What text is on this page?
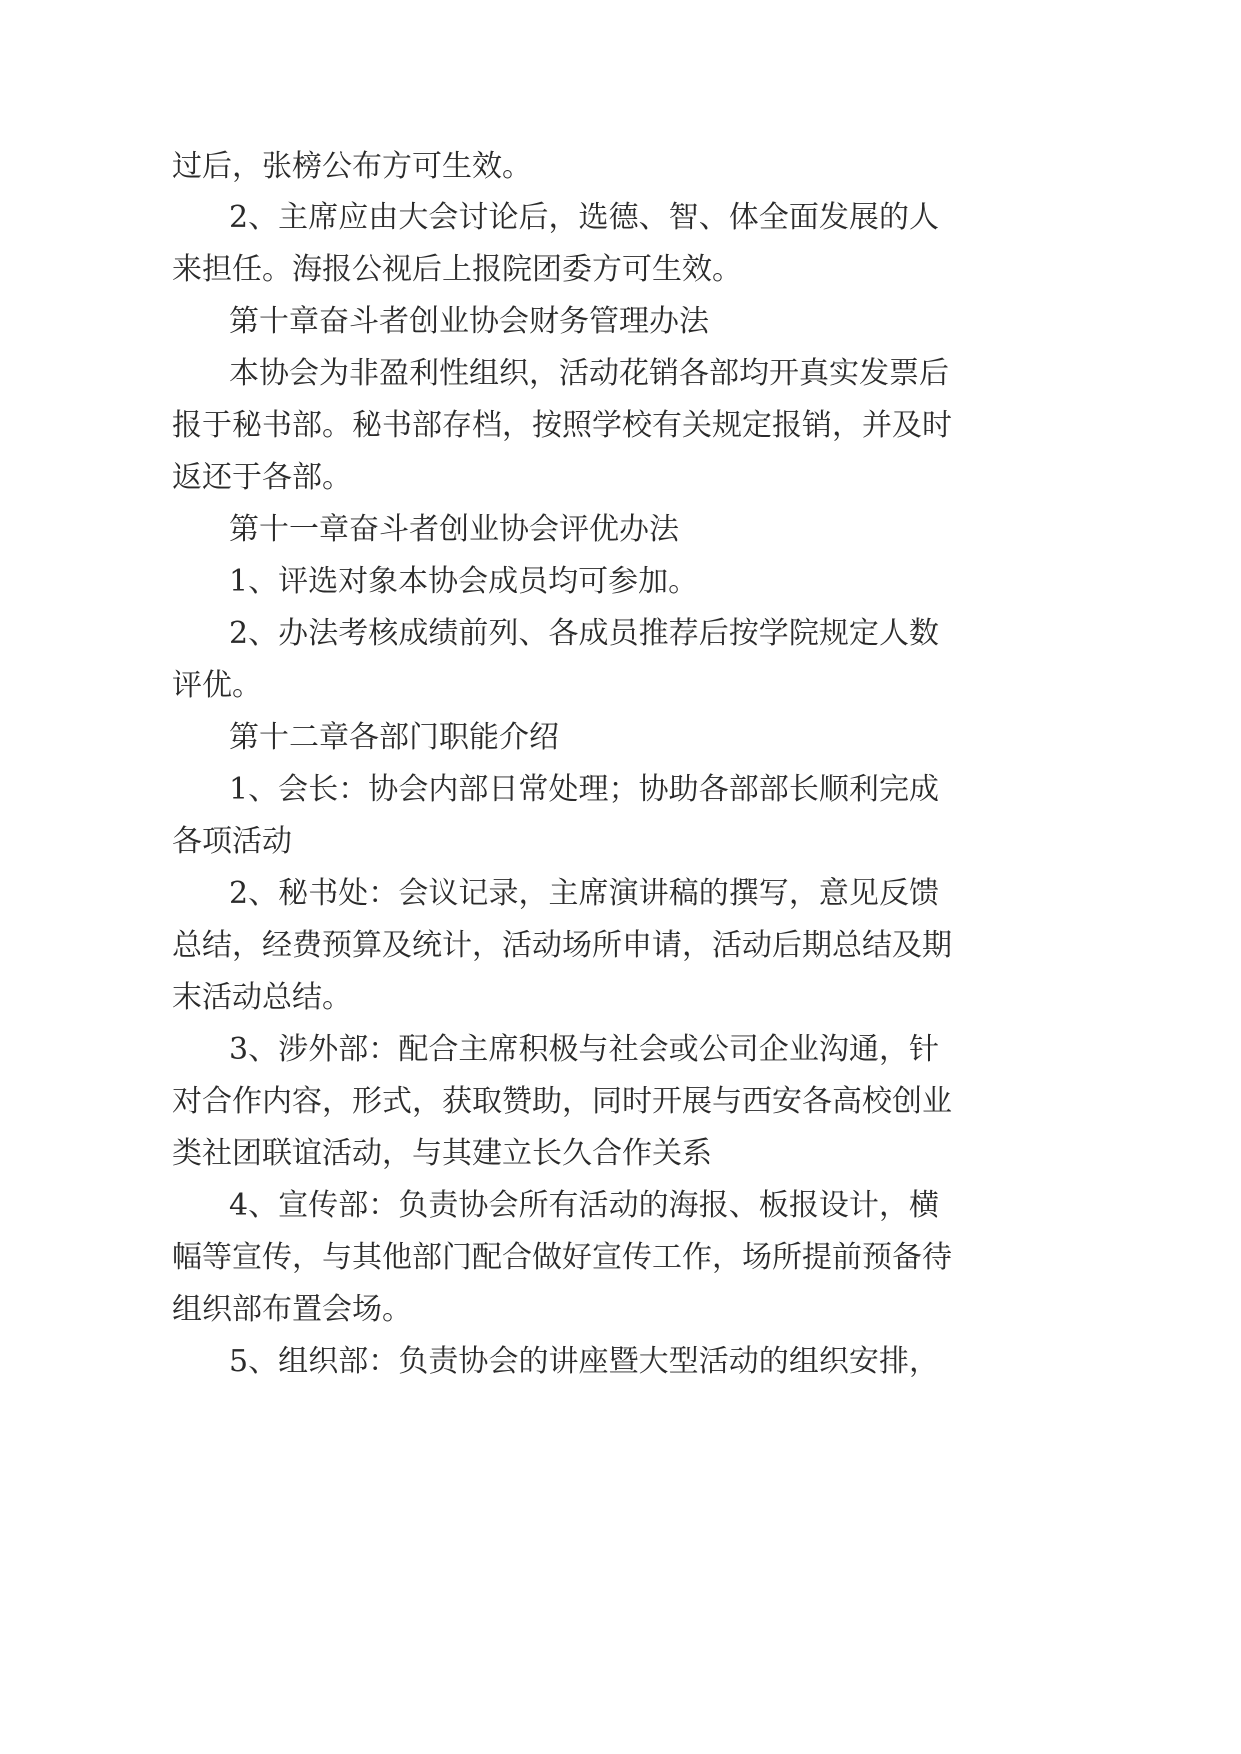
过后，张榜公布方可生效。
2、主席应由大会讨论后，选德、智、体全面发展的人
来担任。海报公视后上报院团委方可生效。
第十章奋斗者创业协会财务管理办法
本协会为非盈利性组织，活动花销各部均开真实发票后
报于秘书部。秘书部存档，按照学校有关规定报销，并及时
返还于各部。
第十一章奋斗者创业协会评优办法
1、评选对象本协会成员均可参加。
2、办法考核成绩前列、各成员推荐后按学院规定人数
评优。
第十二章各部门职能介绍
1、会长：协会内部日常处理；协助各部部长顺利完成
各项活动
2、秘书处：会议记录，主席演讲稿的撰写，意见反馈
总结，经费预算及统计，活动场所申请，活动后期总结及期
末活动总结。
3、涉外部：配合主席积极与社会或公司企业沟通，针
对合作内容，形式，获取赞助，同时开展与西安各高校创业
类社团联谊活动，与其建立长久合作关系
4、宣传部：负责协会所有活动的海报、板报设计，横
幅等宣传，与其他部门配合做好宣传工作，场所提前预备待
组织部布置会场。
5、组织部：负责协会的讲座暨大型活动的组织安排，
